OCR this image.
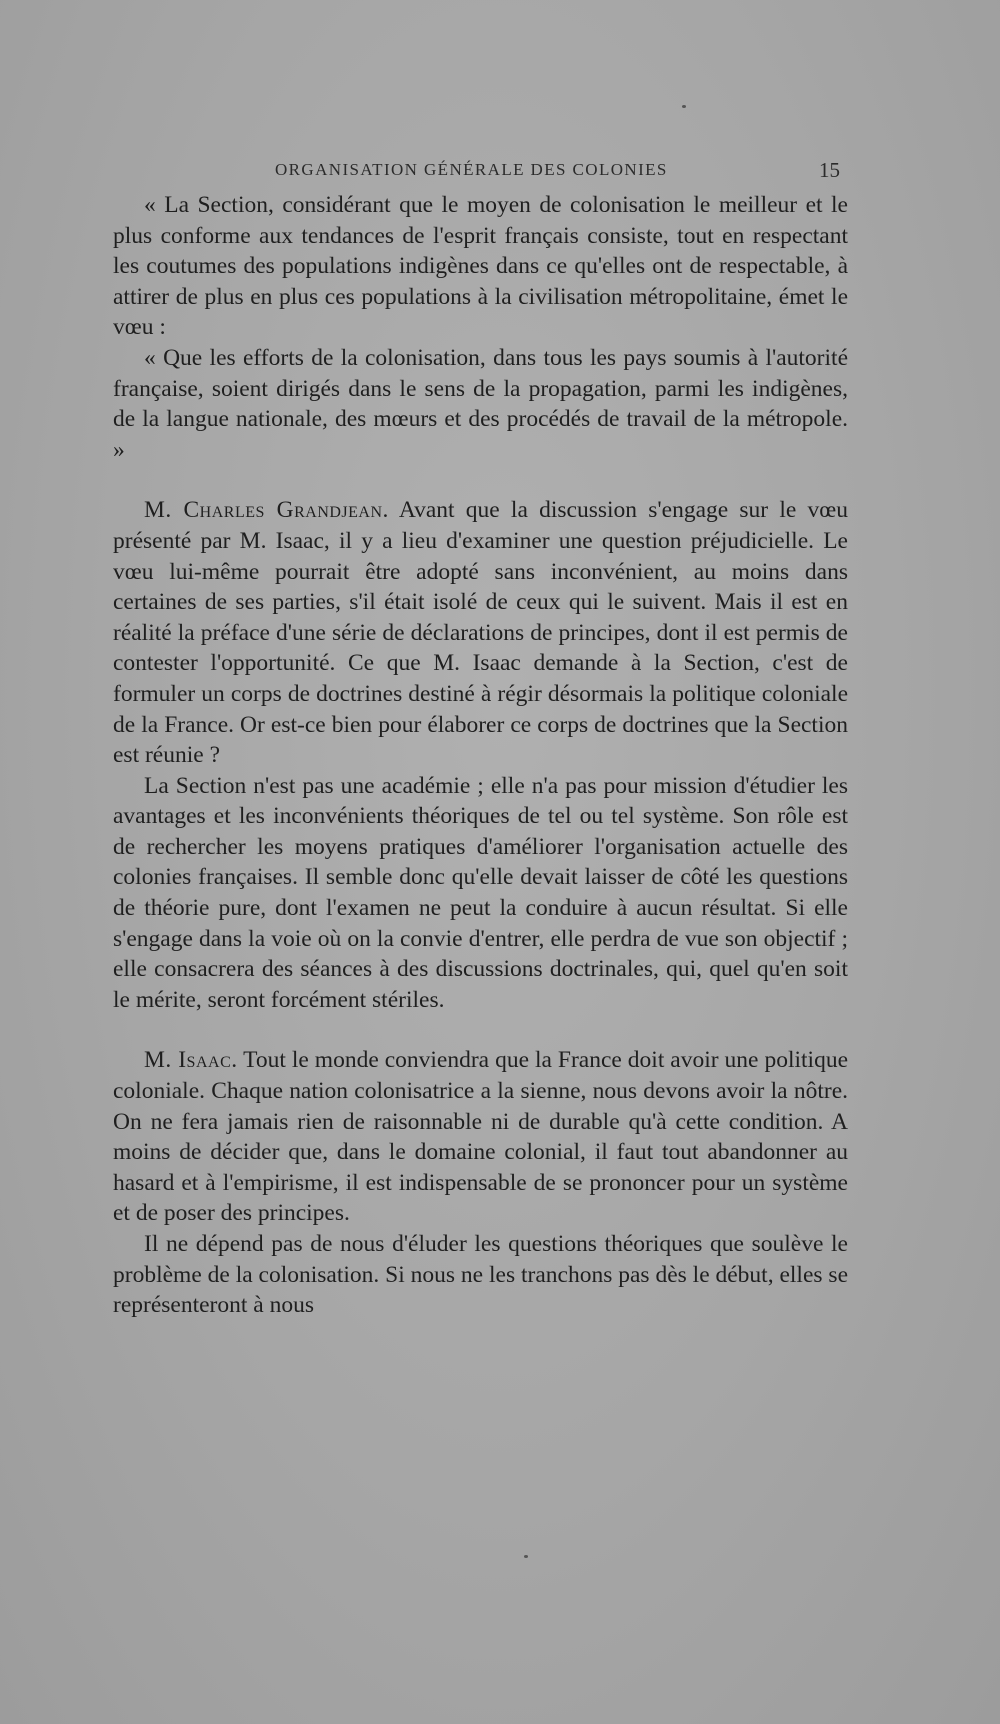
ORGANISATION GÉNÉRALE DES COLONIES	15

« La Section, considérant que le moyen de colonisation le meilleur et le plus conforme aux tendances de l'esprit français consiste, tout en respectant les coutumes des populations indigènes dans ce qu'elles ont de respectable, à attirer de plus en plus ces populations à la civilisation métropolitaine, émet le vœu :

« Que les efforts de la colonisation, dans tous les pays soumis à l'autorité française, soient dirigés dans le sens de la propagation, parmi les indigènes, de la langue nationale, des mœurs et des procédés de travail de la métropole. »

M. Charles Grandjean. Avant que la discussion s'engage sur le vœu présenté par M. Isaac, il y a lieu d'examiner une question préjudicielle. Le vœu lui-même pourrait être adopté sans inconvénient, au moins dans certaines de ses parties, s'il était isolé de ceux qui le suivent. Mais il est en réalité la préface d'une série de déclarations de principes, dont il est permis de contester l'opportunité. Ce que M. Isaac demande à la Section, c'est de formuler un corps de doctrines destiné à régir désormais la politique coloniale de la France. Or est-ce bien pour élaborer ce corps de doctrines que la Section est réunie ?

La Section n'est pas une académie ; elle n'a pas pour mission d'étudier les avantages et les inconvénients théoriques de tel ou tel système. Son rôle est de rechercher les moyens pratiques d'améliorer l'organisation actuelle des colonies françaises. Il semble donc qu'elle devait laisser de côté les questions de théorie pure, dont l'examen ne peut la conduire à aucun résultat. Si elle s'engage dans la voie où on la convie d'entrer, elle perdra de vue son objectif ; elle consacrera des séances à des discussions doctrinales, qui, quel qu'en soit le mérite, seront forcément stériles.

M. Isaac. Tout le monde conviendra que la France doit avoir une politique coloniale. Chaque nation colonisatrice a la sienne, nous devons avoir la nôtre. On ne fera jamais rien de raisonnable ni de durable qu'à cette condition. A moins de décider que, dans le domaine colonial, il faut tout abandonner au hasard et à l'empirisme, il est indispensable de se prononcer pour un système et de poser des principes.

Il ne dépend pas de nous d'éluder les questions théoriques que soulève le problème de la colonisation. Si nous ne les tranchons pas dès le début, elles se représenteront à nous
